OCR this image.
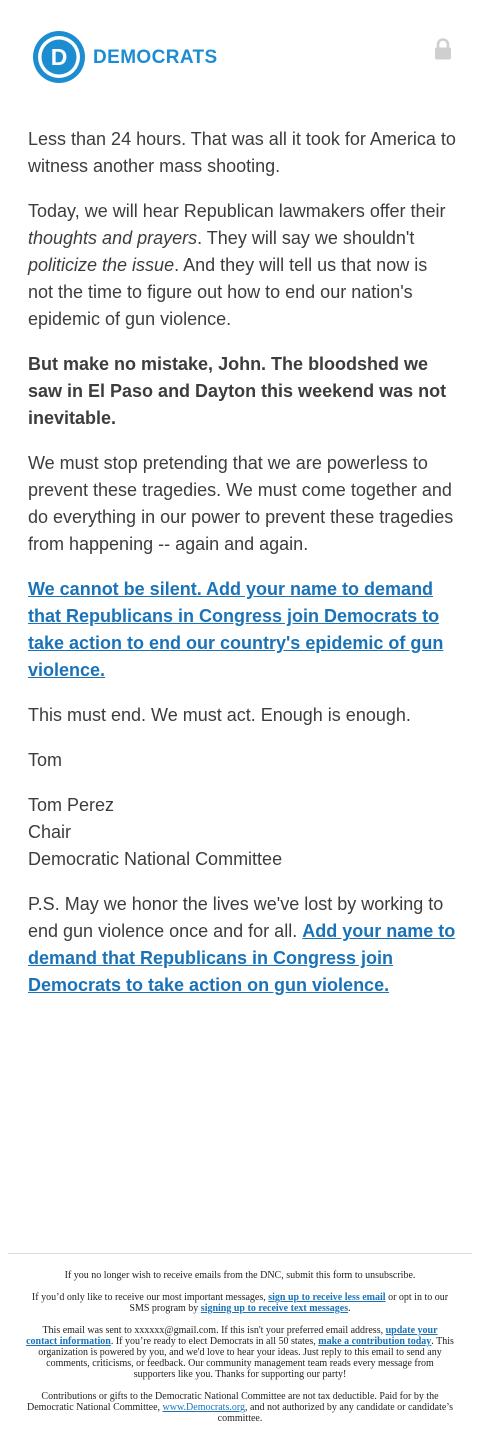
D DEMOCRATS

Less than 24 hours. That was all it took for America to witness another mass shooting.

Today, we will hear Republican lawmakers offer their thoughts and prayers. They will say we shouldn't politicize the issue. And they will tell us that now is not the time to figure out how to end our nation's epidemic of gun violence.

But make no mistake, John. The bloodshed we saw in El Paso and Dayton this weekend was not inevitable.

We must stop pretending that we are powerless to prevent these tragedies. We must come together and do everything in our power to prevent these tragedies from happening -- again and again.

We cannot be silent. Add your name to demand that Republicans in Congress join Democrats to take action to end our country's epidemic of gun violence.

This must end. We must act. Enough is enough.

Tom

Tom Perez
Chair
Democratic National Committee

P.S. May we honor the lives we've lost by working to end gun violence once and for all. Add your name to demand that Republicans in Congress join Democrats to take action on gun violence.

If you no longer wish to receive emails from the DNC, submit this form to unsubscribe.

If you’d only like to receive our most important messages, sign up to receive less email or opt in to our SMS program by signing up to receive text messages.

This email was sent to xxxxxx@gmail.com. If this isn't your preferred email address, update your contact information. If you’re ready to elect Democrats in all 50 states, make a contribution today. This organization is powered by you, and we'd love to hear your ideas. Just reply to this email to send any comments, criticisms, or feedback. Our community management team reads every message from supporters like you. Thanks for supporting our party!

Contributions or gifts to the Democratic National Committee are not tax deductible. Paid for by the Democratic National Committee, www.Democrats.org, and not authorized by any candidate or candidate’s committee.
